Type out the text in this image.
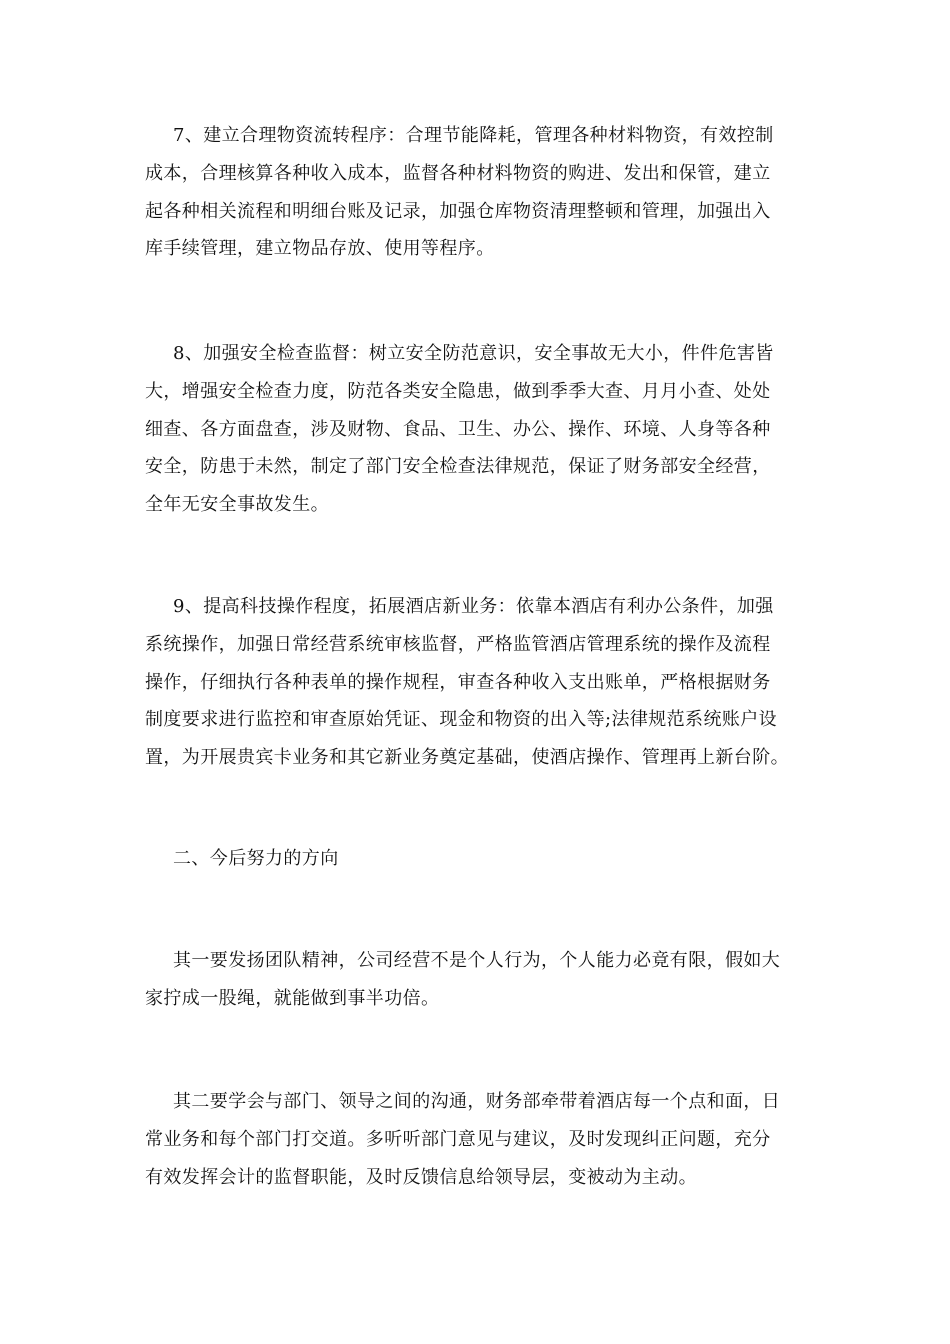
7、建立合理物资流转程序：合理节能降耗，管理各种材料物资，有效控制
成本，合理核算各种收入成本，监督各种材料物资的购进、发出和保管，建立
起各种相关流程和明细台账及记录，加强仓库物资清理整顿和管理，加强出入
库手续管理，建立物品存放、使用等程序。
8、加强安全检查监督：树立安全防范意识，安全事故无大小，件件危害皆
大，增强安全检查力度，防范各类安全隐患，做到季季大查、月月小查、处处
细查、各方面盘查，涉及财物、食品、卫生、办公、操作、环境、人身等各种
安全，防患于未然，制定了部门安全检查法律规范，保证了财务部安全经营，
全年无安全事故发生。
9、提高科技操作程度，拓展酒店新业务：依靠本酒店有利办公条件，加强
系统操作，加强日常经营系统审核监督，严格监管酒店管理系统的操作及流程
操作，仔细执行各种表单的操作规程，审查各种收入支出账单，严格根据财务
制度要求进行监控和审查原始凭证、现金和物资的出入等;法律规范系统账户设
置，为开展贵宾卡业务和其它新业务奠定基础，使酒店操作、管理再上新台阶。
二、今后努力的方向
其一要发扬团队精神，公司经营不是个人行为，个人能力必竟有限，假如大
家拧成一股绳，就能做到事半功倍。
其二要学会与部门、领导之间的沟通，财务部牵带着酒店每一个点和面，日
常业务和每个部门打交道。多听听部门意见与建议，及时发现纠正问题，充分
有效发挥会计的监督职能，及时反馈信息给领导层，变被动为主动。
